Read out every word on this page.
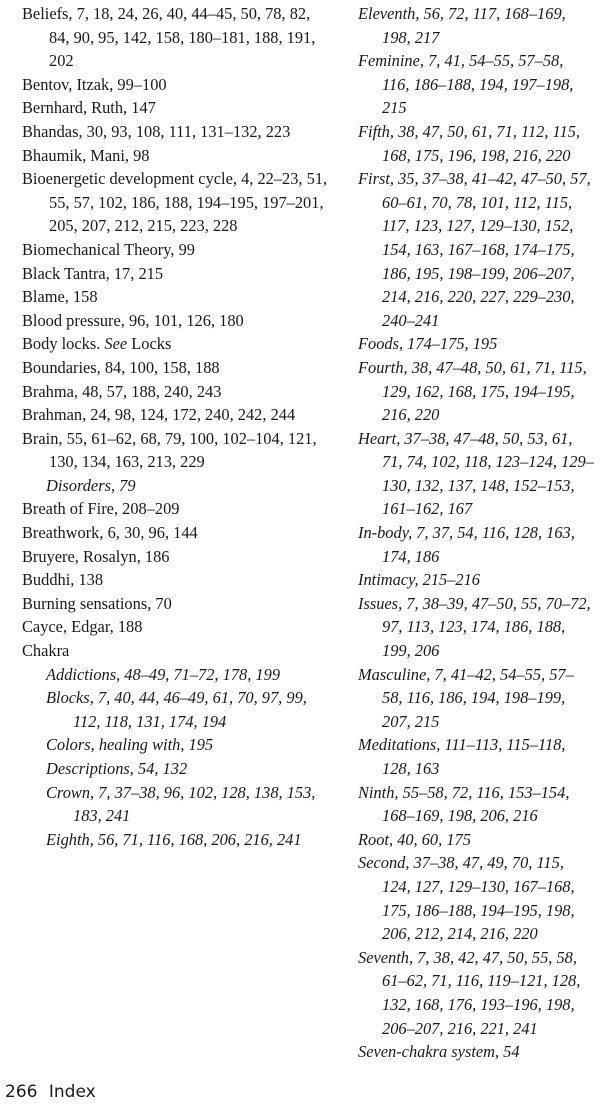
Beliefs, 7, 18, 24, 26, 40, 44–45, 50, 78, 82, 84, 90, 95, 142, 158, 180–181, 188, 191, 202
Bentov, Itzak, 99–100
Bernhard, Ruth, 147
Bhandas, 30, 93, 108, 111, 131–132, 223
Bhaumik, Mani, 98
Bioenergetic development cycle, 4, 22–23, 51, 55, 57, 102, 186, 188, 194–195, 197–201, 205, 207, 212, 215, 223, 228
Biomechanical Theory, 99
Black Tantra, 17, 215
Blame, 158
Blood pressure, 96, 101, 126, 180
Body locks. See Locks
Boundaries, 84, 100, 158, 188
Brahma, 48, 57, 188, 240, 243
Brahman, 24, 98, 124, 172, 240, 242, 244
Brain, 55, 61–62, 68, 79, 100, 102–104, 121, 130, 134, 163, 213, 229
Disorders, 79
Breath of Fire, 208–209
Breathwork, 6, 30, 96, 144
Bruyere, Rosalyn, 186
Buddhi, 138
Burning sensations, 70
Cayce, Edgar, 188
Chakra
Addictions, 48–49, 71–72, 178, 199
Blocks, 7, 40, 44, 46–49, 61, 70, 97, 99, 112, 118, 131, 174, 194
Colors, healing with, 195
Descriptions, 54, 132
Crown, 7, 37–38, 96, 102, 128, 138, 153, 183, 241
Eighth, 56, 71, 116, 168, 206, 216, 241
Eleventh, 56, 72, 117, 168–169, 198, 217
Feminine, 7, 41, 54–55, 57–58, 116, 186–188, 194, 197–198, 215
Fifth, 38, 47, 50, 61, 71, 112, 115, 168, 175, 196, 198, 216, 220
First, 35, 37–38, 41–42, 47–50, 57, 60–61, 70, 78, 101, 112, 115, 117, 123, 127, 129–130, 152, 154, 163, 167–168, 174–175, 186, 195, 198–199, 206–207, 214, 216, 220, 227, 229–230, 240–241
Foods, 174–175, 195
Fourth, 38, 47–48, 50, 61, 71, 115, 129, 162, 168, 175, 194–195, 216, 220
Heart, 37–38, 47–48, 50, 53, 61, 71, 74, 102, 118, 123–124, 129–130, 132, 137, 148, 152–153, 161–162, 167
In-body, 7, 37, 54, 116, 128, 163, 174, 186
Intimacy, 215–216
Issues, 7, 38–39, 47–50, 55, 70–72, 97, 113, 123, 174, 186, 188, 199, 206
Masculine, 7, 41–42, 54–55, 57–58, 116, 186, 194, 198–199, 207, 215
Meditations, 111–113, 115–118, 128, 163
Ninth, 55–58, 72, 116, 153–154, 168–169, 198, 206, 216
Root, 40, 60, 175
Second, 37–38, 47, 49, 70, 115, 124, 127, 129–130, 167–168, 175, 186–188, 194–195, 198, 206, 212, 214, 216, 220
Seventh, 7, 38, 42, 47, 50, 55, 58, 61–62, 71, 116, 119–121, 128, 132, 168, 176, 193–196, 198, 206–207, 216, 221, 241
Seven-chakra system, 54
266 Index
